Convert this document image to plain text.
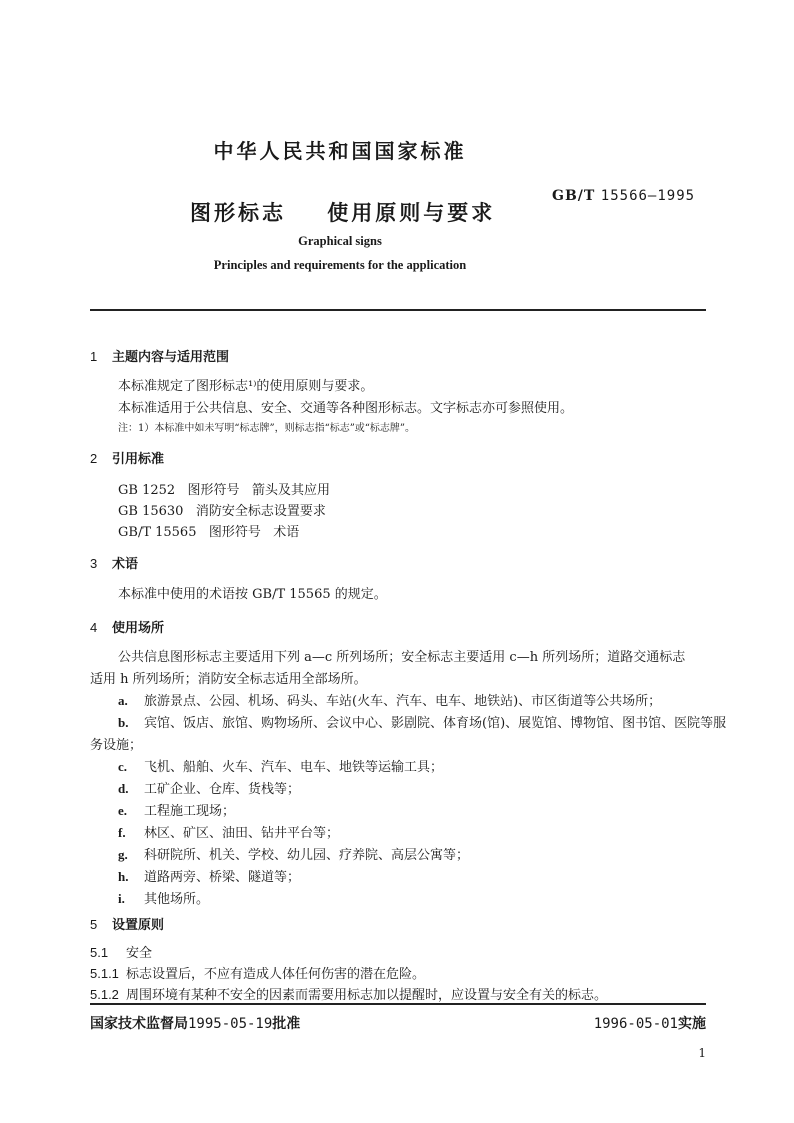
中华人民共和国国家标准
图形标志    使用原则与要求
GB/T 15566—1995
Graphical signs
Principles and requirements for the application
1 主题内容与适用范围
本标准规定了图形标志¹⁾的使用原则与要求。
本标准适用于公共信息、安全、交通等各种图形标志。文字标志亦可参照使用。
注：1）本标准中如未写明“标志牌”，则标志指“标志”或“标志牌”。
2 引用标准
GB 1252   图形符号   箭头及其应用
GB 15630   消防安全标志设置要求
GB/T 15565   图形符号   术语
3 术语
本标准中使用的术语按 GB/T 15565 的规定。
4 使用场所
公共信息图形标志主要适用下列 a—c 所列场所；安全标志主要适用 c—h 所列场所；道路交通标志
适用 h 所列场所；消防安全标志适用全部场所。
a. 旅游景点、公园、机场、码头、车站(火车、汽车、电车、地铁站)、市区街道等公共场所；
b. 宾馆、饭店、旅馆、购物场所、会议中心、影剧院、体育场(馆)、展览馆、博物馆、图书馆、医院等服
务设施；
c. 飞机、船舶、火车、汽车、电车、地铁等运输工具；
d. 工矿企业、仓库、货栈等；
e. 工程施工现场；
f. 林区、矿区、油田、钻井平台等；
g. 科研院所、机关、学校、幼儿园、疗养院、高层公寓等；
h. 道路两旁、桥梁、隧道等；
i. 其他场所。
5 设置原则
5.1 安全
5.1.1 标志设置后，不应有造成人体任何伤害的潜在危险。
5.1.2 周围环境有某种不安全的因素而需要用标志加以提醒时，应设置与安全有关的标志。
国家技术监督局1995-05-19批准	1996-05-01实施
1
